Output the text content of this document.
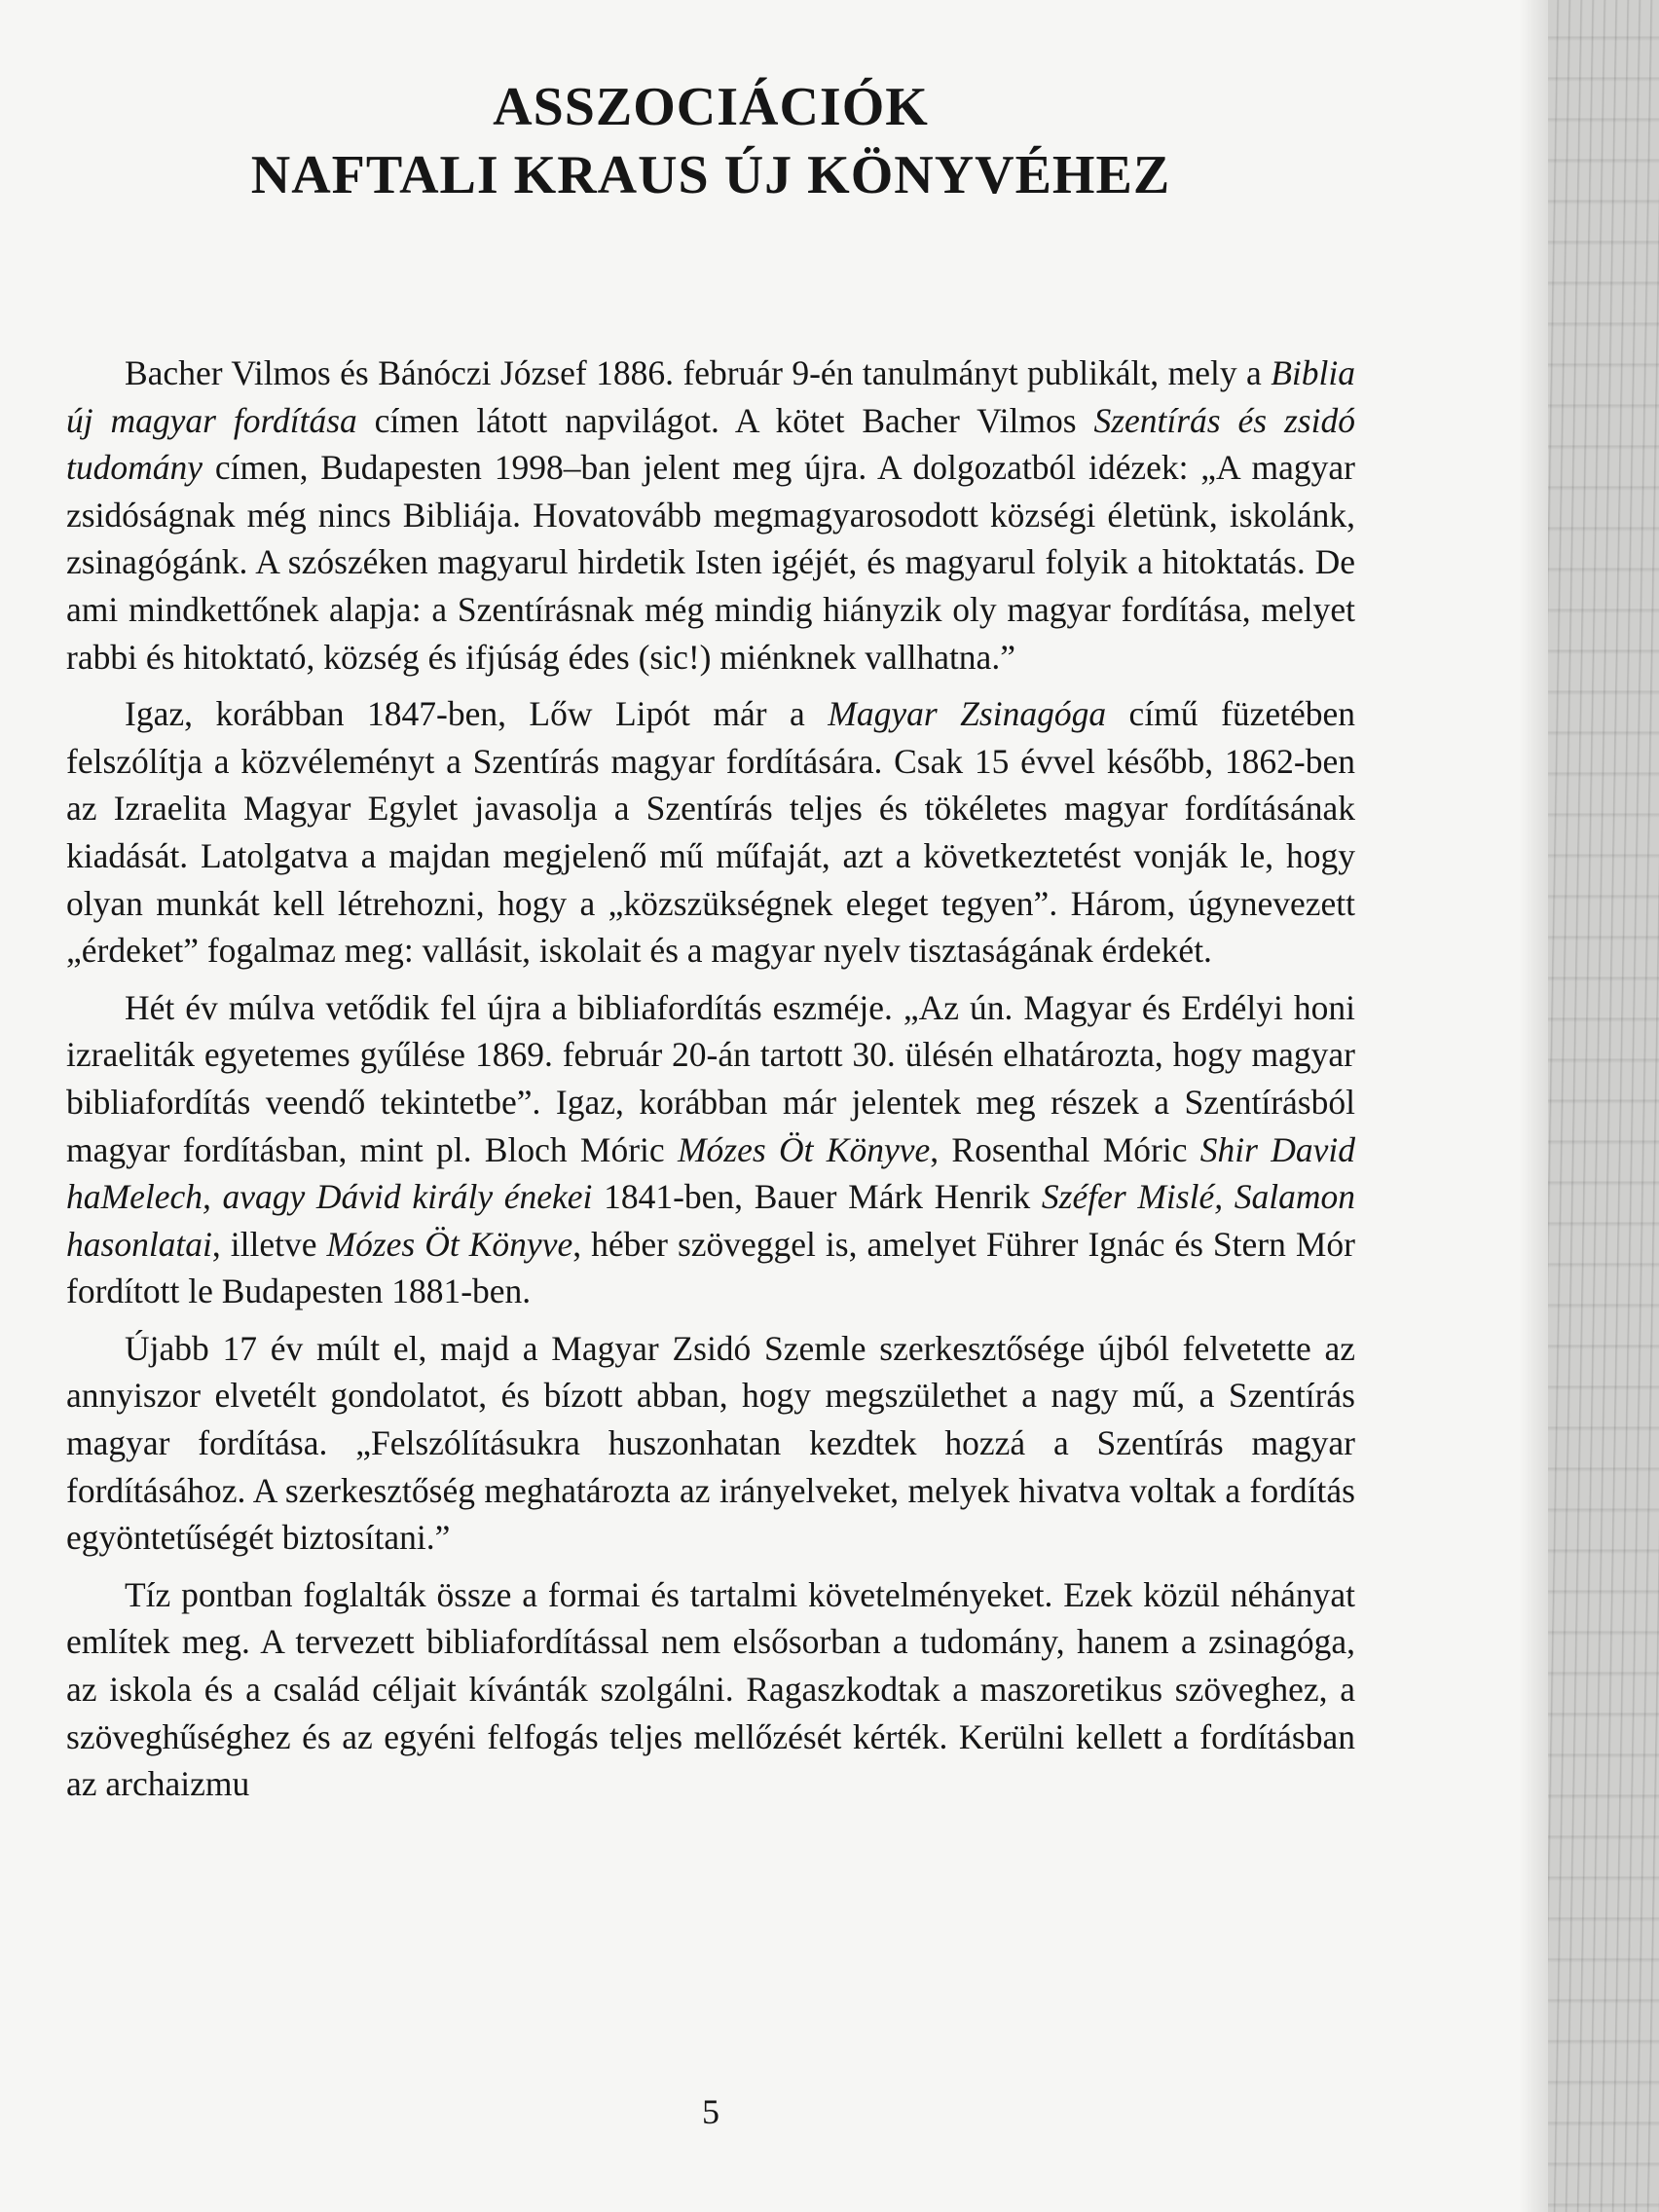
ASSZOCIÁCIÓK
NAFTALI KRAUS ÚJ KÖNYVÉHEZ

Bacher Vilmos és Bánóczi József 1886. február 9-én tanulmányt publikált, mely a Biblia új magyar fordítása címen látott napvilágot. A kötet Bacher Vilmos Szentírás és zsidó tudomány címen, Budapesten 1998–ban jelent meg újra. A dolgozatból idézek: „A magyar zsidóságnak még nincs Bibliája. Hovatovább megmagyarosodott községi életünk, iskolánk, zsinagógánk. A szószéken magyarul hirdetik Isten igéjét, és magyarul folyik a hitoktatás. De ami mindkettőnek alapja: a Szentírásnak még mindig hiányzik oly magyar fordítása, melyet rabbi és hitoktató, község és ifjúság édes (sic!) miénknek vallhatna.”

Igaz, korábban 1847-ben, Lőw Lipót már a Magyar Zsinagóga című füzetében felszólítja a közvéleményt a Szentírás magyar fordítására. Csak 15 évvel később, 1862-ben az Izraelita Magyar Egylet javasolja a Szentírás teljes és tökéletes magyar fordításának kiadását. Latolgatva a majdan megjelenő mű műfaját, azt a következtetést vonják le, hogy olyan munkát kell létrehozni, hogy a „közszükségnek eleget tegyen”. Három, úgynevezett „érdeket” fogalmaz meg: vallásit, iskolait és a magyar nyelv tisztaságának érdekét.

Hét év múlva vetődik fel újra a bibliafordítás eszméje. „Az ún. Magyar és Erdélyi honi izraeliták egyetemes gyűlése 1869. február 20-án tartott 30. ülésén elhatározta, hogy magyar bibliafordítás veendő tekintetbe”. Igaz, korábban már jelentek meg részek a Szentírásból magyar fordításban, mint pl. Bloch Móric Mózes Öt Könyve, Rosenthal Móric Shir David haMelech, avagy Dávid király énekei 1841-ben, Bauer Márk Henrik Széfer Mislé, Salamon hasonlatai, illetve Mózes Öt Könyve, héber szöveggel is, amelyet Führer Ignác és Stern Mór fordított le Budapesten 1881-ben.

Újabb 17 év múlt el, majd a Magyar Zsidó Szemle szerkesztősége újból felvetette az annyiszor elvetélt gondolatot, és bízott abban, hogy megszülethet a nagy mű, a Szentírás magyar fordítása. „Felszólításukra huszonhatan kezdtek hozzá a Szentírás magyar fordításához. A szerkesztőség meghatározta az irányelveket, melyek hivatva voltak a fordítás egyöntetűségét biztosítani.”

Tíz pontban foglalták össze a formai és tartalmi követelményeket. Ezek közül néhányat említek meg. A tervezett bibliafordítással nem elsősorban a tudomány, hanem a zsinagóga, az iskola és a család céljait kívánták szolgálni. Ragaszkodtak a maszoretikus szöveghez, a szöveghűséghez és az egyéni felfogás teljes mellőzését kérték. Kerülni kellett a fordításban az archaizmu

5
